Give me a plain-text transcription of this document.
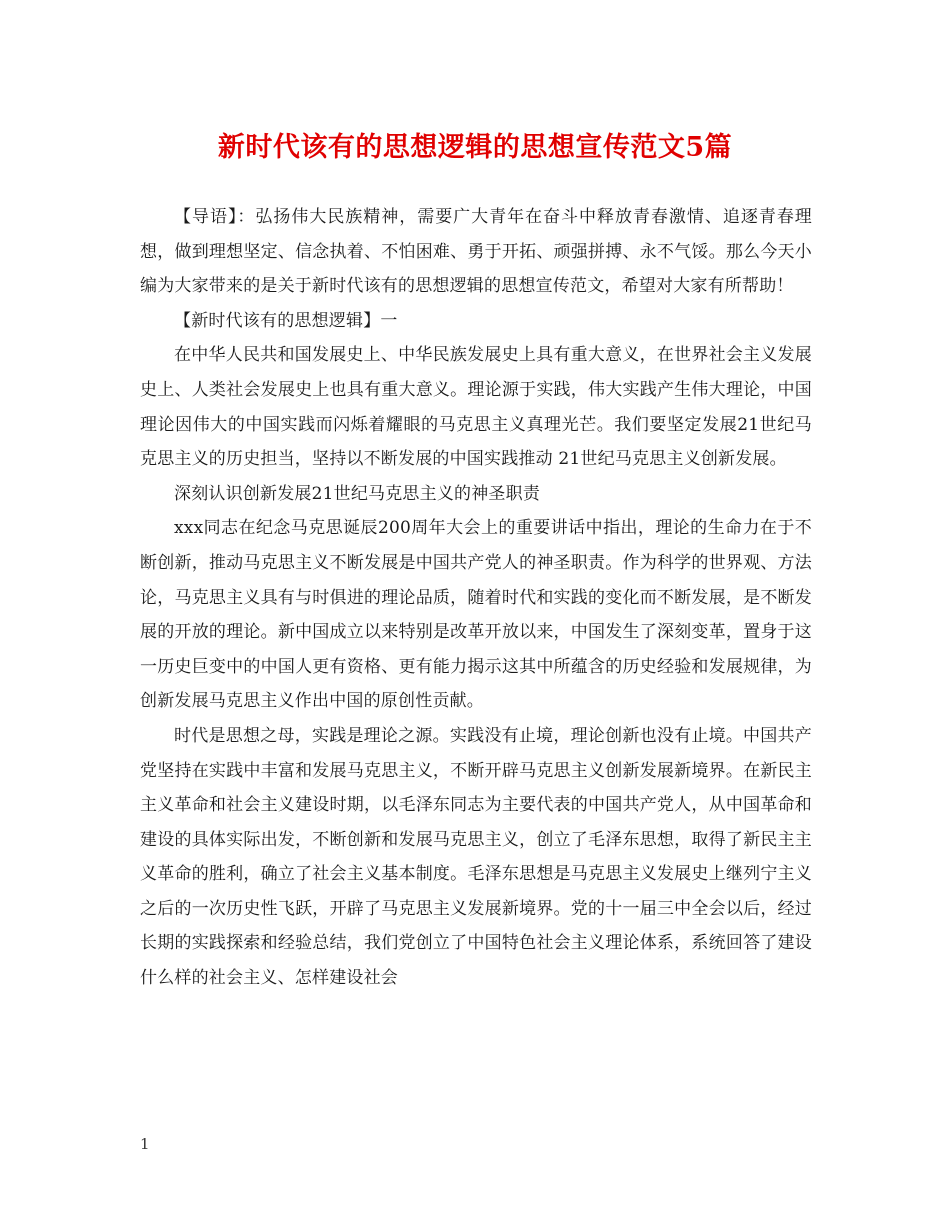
新时代该有的思想逻辑的思想宣传范文5篇

【导语】：弘扬伟大民族精神，需要广大青年在奋斗中释放青春激情、追逐青春理想，做到理想坚定、信念执着、不怕困难、勇于开拓、顽强拼搏、永不气馁。那么今天小编为大家带来的是关于新时代该有的思想逻辑的思想宣传范文，希望对大家有所帮助！

【新时代该有的思想逻辑】一

在中华人民共和国发展史上、中华民族发展史上具有重大意义，在世界社会主义发展史上、人类社会发展史上也具有重大意义。理论源于实践，伟大实践产生伟大理论，中国理论因伟大的中国实践而闪烁着耀眼的马克思主义真理光芒。我们要坚定发展21世纪马克思主义的历史担当，坚持以不断发展的中国实践推动 21世纪马克思主义创新发展。

深刻认识创新发展21世纪马克思主义的神圣职责

xxx同志在纪念马克思诞辰200周年大会上的重要讲话中指出，理论的生命力在于不断创新，推动马克思主义不断发展是中国共产党人的神圣职责。作为科学的世界观、方法论，马克思主义具有与时俱进的理论品质，随着时代和实践的变化而不断发展，是不断发展的开放的理论。新中国成立以来特别是改革开放以来，中国发生了深刻变革，置身于这一历史巨变中的中国人更有资格、更有能力揭示这其中所蕴含的历史经验和发展规律，为创新发展马克思主义作出中国的原创性贡献。

时代是思想之母，实践是理论之源。实践没有止境，理论创新也没有止境。中国共产党坚持在实践中丰富和发展马克思主义，不断开辟马克思主义创新发展新境界。在新民主主义革命和社会主义建设时期，以毛泽东同志为主要代表的中国共产党人，从中国革命和建设的具体实际出发，不断创新和发展马克思主义，创立了毛泽东思想，取得了新民主主义革命的胜利，确立了社会主义基本制度。毛泽东思想是马克思主义发展史上继列宁主义之后的一次历史性飞跃，开辟了马克思主义发展新境界。党的十一届三中全会以后，经过长期的实践探索和经验总结，我们党创立了中国特色社会主义理论体系，系统回答了建设什么样的社会主义、怎样建设社会

1
